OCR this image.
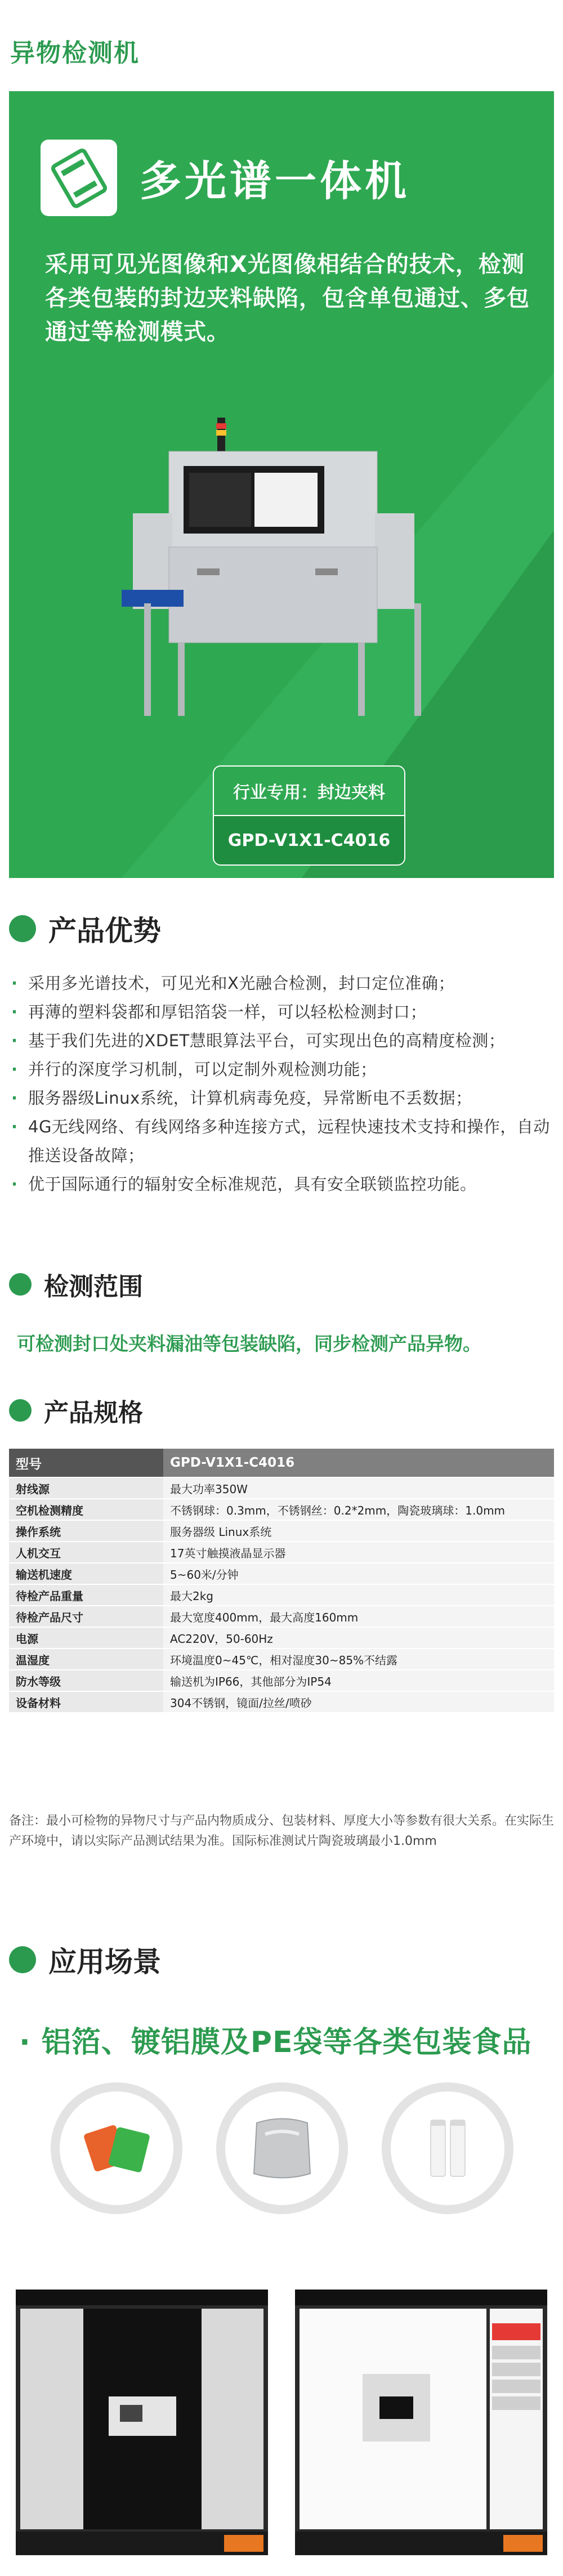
异物检测机
多光谱一体机
采用可见光图像和X光图像相结合的技术，检测各类包装的封边夹料缺陷，包含单包通过、多包通过等检测模式。
行业专用：封边夹料
GPD-V1X1-C4016
产品优势
· 采用多光谱技术，可见光和X光融合检测，封口定位准确；
· 再薄的塑料袋都和厚铝箔袋一样，可以轻松检测封口；
· 基于我们先进的XDET慧眼算法平台，可实现出色的高精度检测；
· 并行的深度学习机制，可以定制外观检测功能；
· 服务器级Linux系统，计算机病毒免疫，异常断电不丢数据；
· 4G无线网络、有线网络多种连接方式，远程快速技术支持和操作，自动推送设备故障；
· 优于国际通行的辐射安全标准规范，具有安全联锁监控功能。
检测范围
可检测封口处夹料漏油等包装缺陷，同步检测产品异物。
产品规格
型号	GPD-V1X1-C4016
射线源	最大功率350W
空机检测精度	不锈钢球：0.3mm，不锈钢丝：0.2*2mm，陶瓷玻璃球：1.0mm
操作系统	服务器级 Linux系统
人机交互	17英寸触摸液晶显示器
输送机速度	5~60米/分钟
待检产品重量	最大2kg
待检产品尺寸	最大宽度400mm，最大高度160mm
电源	AC220V，50-60Hz
温湿度	环境温度0~45℃，相对湿度30~85%不结露
防水等级	输送机为IP66，其他部分为IP54
设备材料	304不锈钢，镜面/拉丝/喷砂
备注：最小可检物的异物尺寸与产品内物质成分、包装材料、厚度大小等参数有很大关系。在实际生产环境中，请以实际产品测试结果为准。国际标准测试片陶瓷玻璃最小1.0mm
应用场景
· 铝箔、镀铝膜及PE袋等各类包装食品
